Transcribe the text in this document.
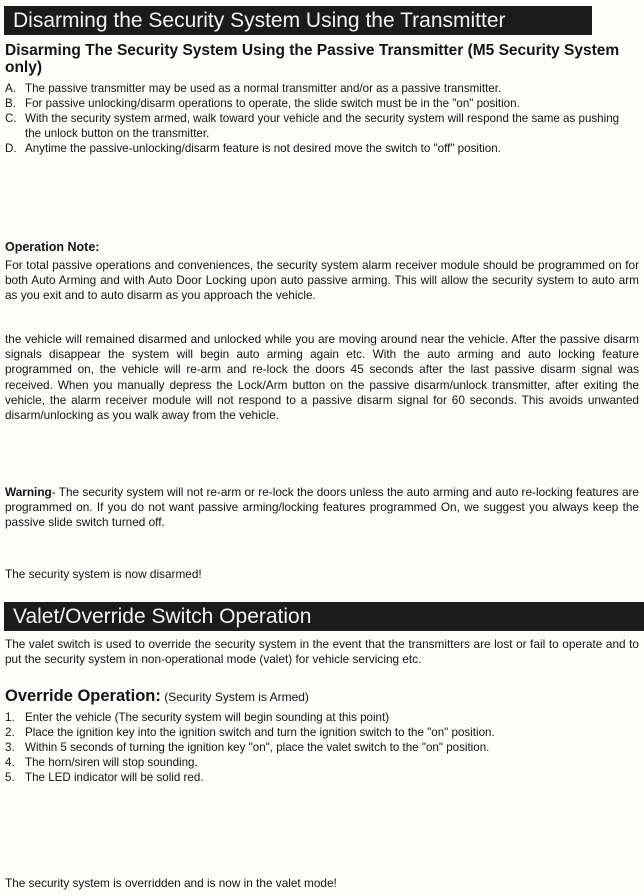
Disarming the Security System Using the Transmitter
Disarming The Security System Using the Passive Transmitter (M5 Security System only)
A. The passive transmitter may be used as a normal transmitter and/or as a passive transmitter.
B. For passive unlocking/disarm operations to operate, the slide switch must be in the "on" position.
C. With the security system armed, walk toward your vehicle and the security system will respond the same as pushing the unlock button on the transmitter.
D. Anytime the passive-unlocking/disarm feature is not desired move the switch to "off" position.
Operation Note:

For total passive operations and conveniences, the security system alarm receiver module should be programmed on for both Auto Arming and with Auto Door Locking upon auto passive arming. This will allow the security system to auto arm as you exit and to auto disarm as you approach the vehicle.

the vehicle will remained disarmed and unlocked while you are moving around near the vehicle. After the passive disarm signals disappear the system will begin auto arming again etc. With the auto arming and auto locking feature programmed on, the vehicle will re-arm and re-lock the doors 45 seconds after the last passive disarm signal was received. When you manually depress the Lock/Arm button on the passive disarm/unlock transmitter, after exiting the vehicle, the alarm receiver module will not respond to a passive disarm signal for 60 seconds. This avoids unwanted disarm/unlocking as you walk away from the vehicle.

Warning- The security system will not re-arm or re-lock the doors unless the auto arming and auto re-locking features are programmed on. If you do not want passive arming/locking features programmed On, we suggest you always keep the passive slide switch turned off.

The security system is now disarmed!

Valet/Override Switch Operation

The valet switch is used to override the security system in the event that the transmitters are lost or fail to operate and to put the security system in non-operational mode (valet) for vehicle servicing etc.

Override Operation: (Security System is Armed)
1. Enter the vehicle (The security system will begin sounding at this point)
2. Place the ignition key into the ignition switch and turn the ignition switch to the "on" position.
3. Within 5 seconds of turning the ignition key "on", place the valet switch to the "on" position.
4. The horn/siren will stop sounding.
5. The LED indicator will be solid red.

The security system is overridden and is now in the valet mode!
